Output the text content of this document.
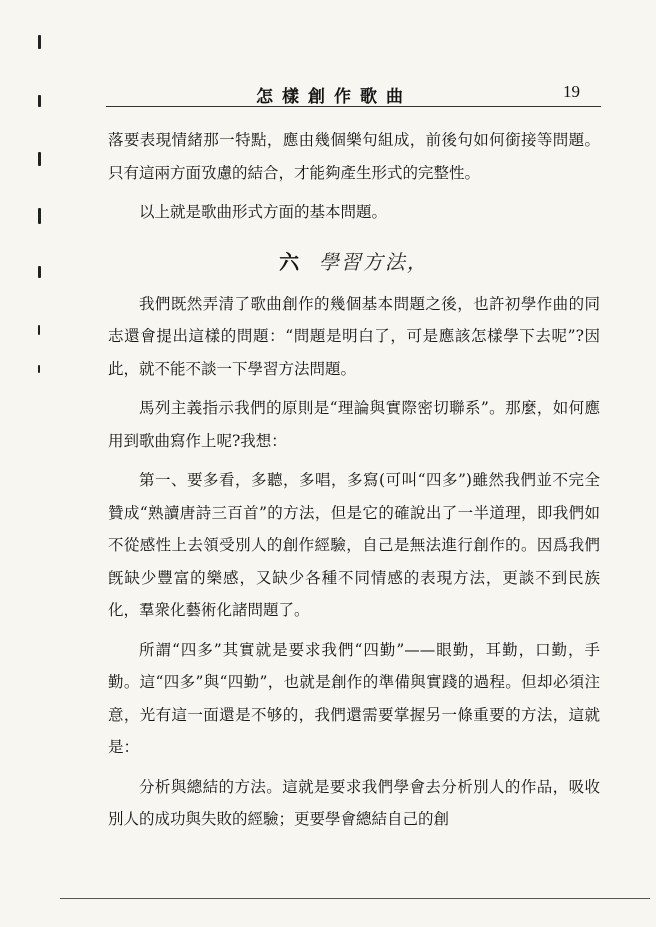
怎樣創作歌曲	19

落要表現情緒那一特點，應由幾個樂句組成，前後句如何銜接等問題。只有這兩方面攷慮的結合，才能夠產生形式的完整性。

以上就是歌曲形式方面的基本問題。

六 學習方法，

我們既然弄清了歌曲創作的幾個基本問題之後，也許初學作曲的同志還會提出這樣的問題：“問題是明白了，可是應該怎樣學下去呢”?因此，就不能不談一下學習方法問題。

馬列主義指示我們的原則是“理論與實際密切聯系”。那麼，如何應用到歌曲寫作上呢?我想：

第一、要多看，多聽，多唱，多寫(可叫“四多”)雖然我們並不完全贊成“熟讀唐詩三百首”的方法，但是它的確說出了一半道理，即我們如不從感性上去領受別人的創作經驗，自己是無法進行創作的。因爲我們旣缺少豐富的樂感，又缺少各種不同情感的表現方法，更談不到民族化，羣衆化藝術化諸問題了。

所謂“四多”其實就是要求我們“四勤”——眼勤，耳勤，口勤，手勤。這“四多”與“四勤”，也就是創作的準備與實踐的過程。但却必須注意，光有這一面還是不够的，我們還需要掌握另一條重要的方法，這就是：

分析與總結的方法。這就是要求我們學會去分析別人的作品，吸收別人的成功與失敗的經驗；更要學會總結自己的創
